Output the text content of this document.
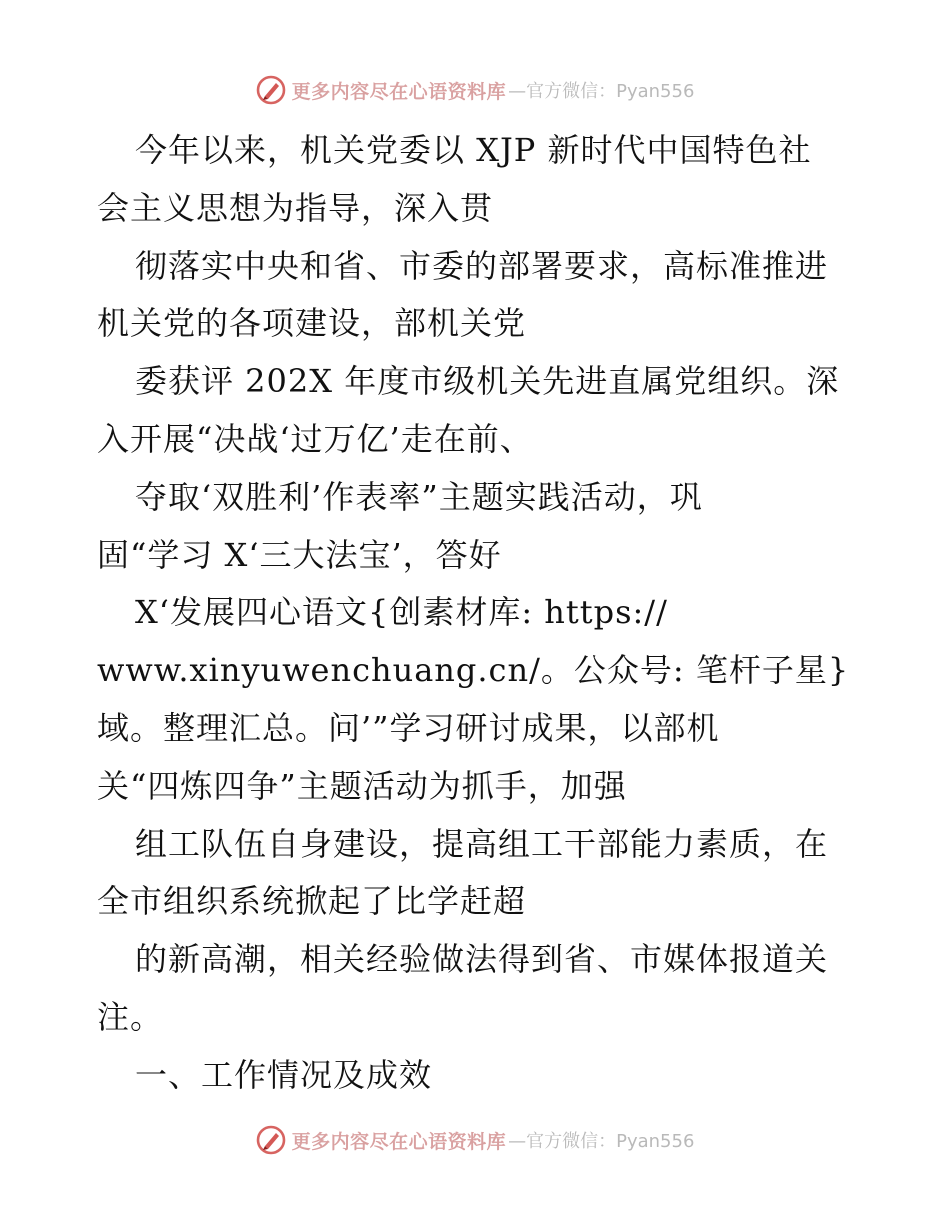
更多内容尽在心语资料库 —官方微信：Pyan556
今年以来，机关党委以 XJP 新时代中国特色社
会主义思想为指导，深入贯
彻落实中央和省、市委的部署要求，高标准推进
机关党的各项建设，部机关党
委获评 202X 年度市级机关先进直属党组织。深
入开展“决战‘过万亿’走在前、
夺取‘双胜利’作表率”主题实践活动，巩
固“学习 X‘三大法宝’，答好
X‘发展四心语文{创素材库: https://
www.xinyuwenchuang.cn/。公众号: 笔杆子星}
域。整理汇总。问’”学习研讨成果，以部机
关“四炼四争”主题活动为抓手，加强
组工队伍自身建设，提高组工干部能力素质，在
全市组织系统掀起了比学赶超
的新高潮，相关经验做法得到省、市媒体报道关
注。
一、工作情况及成效
更多内容尽在心语资料库 —官方微信：Pyan556
